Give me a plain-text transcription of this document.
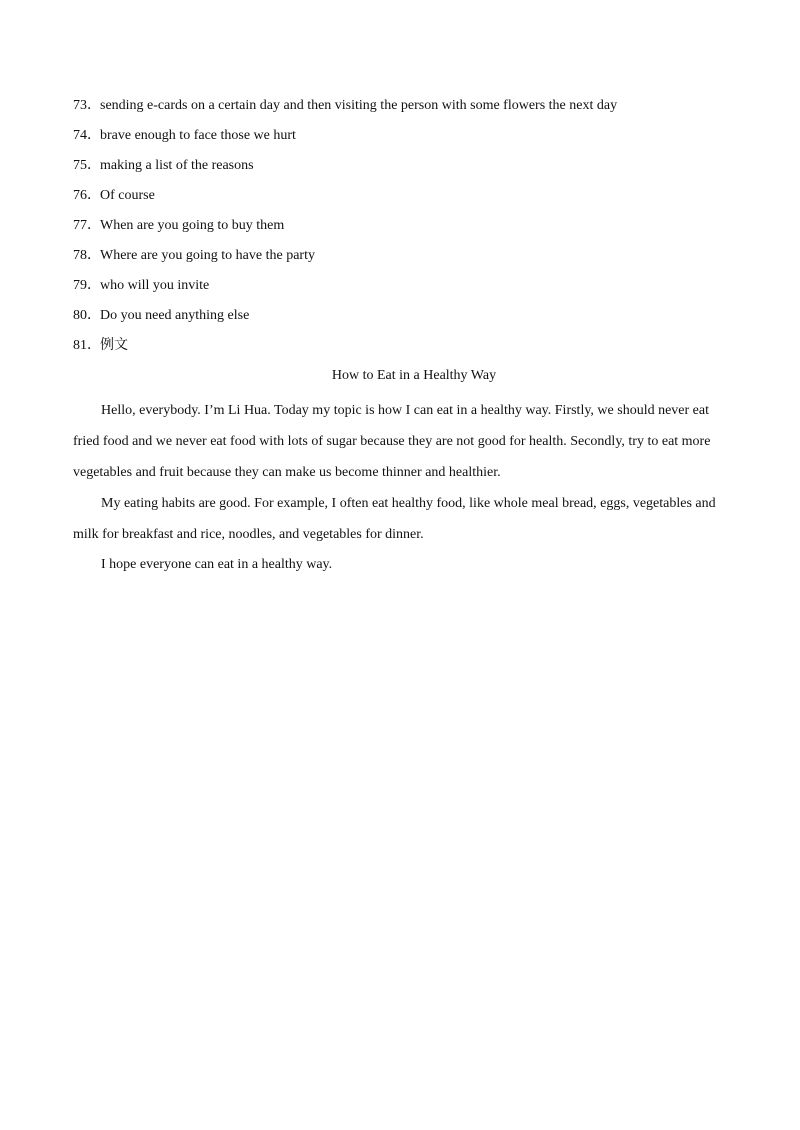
73．sending e-cards on a certain day and then visiting the person with some flowers the next day
74．brave enough to face those we hurt
75．making a list of the reasons
76．Of course
77．When are you going to buy them
78．Where are you going to have the party
79．who will you invite
80．Do you need anything else
81．例文
How to Eat in a Healthy Way

Hello, everybody. I’m Li Hua. Today my topic is how I can eat in a healthy way. Firstly, we should never eat fried food and we never eat food with lots of sugar because they are not good for health. Secondly, try to eat more vegetables and fruit because they can make us become thinner and healthier.

My eating habits are good. For example, I often eat healthy food, like whole meal bread, eggs, vegetables and milk for breakfast and rice, noodles, and vegetables for dinner.

I hope everyone can eat in a healthy way.
